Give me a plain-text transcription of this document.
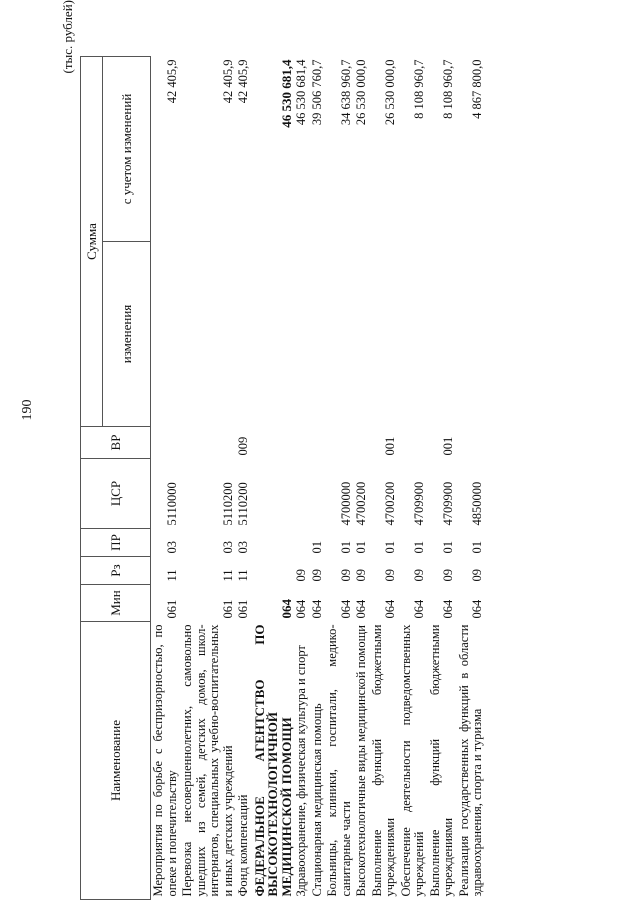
190
(тыс. рублей)
Наименование	Мин	Рз	ПР	ЦСР	ВР	Сумма	
						изменения	с учетом изменений
Мероприятия по борьбе с беспризорностью, по опеке и попечительству	061	11	03	5110000			42 405,9
Перевозка несовершеннолетних, самовольно ушедших из семей, детских домов, школ-интернатов, специальных учебно-воспитательных и иных детских учреждений	061	11	03	5110200			42 405,9
Фонд компенсаций	061	11	03	5110200	009		42 405,9
ФЕДЕРАЛЬНОЕ АГЕНТСТВО ПО ВЫСОКОТЕХНОЛОГИЧНОЙ МЕДИЦИНСКОЙ ПОМОЩИ	064						46 530 681,4
Здравоохранение, физическая культура и спорт	064	09					46 530 681,4
Стационарная медицинская помощь	064	09	01				39 506 760,7
Больницы, клиники, госпитали, медико-санитарные части	064	09	01	4700000			34 638 960,7
Высокотехнологичные виды медицинской помощи	064	09	01	4700200			26 530 000,0
Выполнение функций бюджетными учреждениями	064	09	01	4700200	001		26 530 000,0
Обеспечение деятельности подведомственных учреждений	064	09	01	4709900			8 108 960,7
Выполнение функций бюджетными учреждениями	064	09	01	4709900	001		8 108 960,7
Реализация государственных функций в области здравоохранения, спорта и туризма	064	09	01	4850000			4 867 800,0
